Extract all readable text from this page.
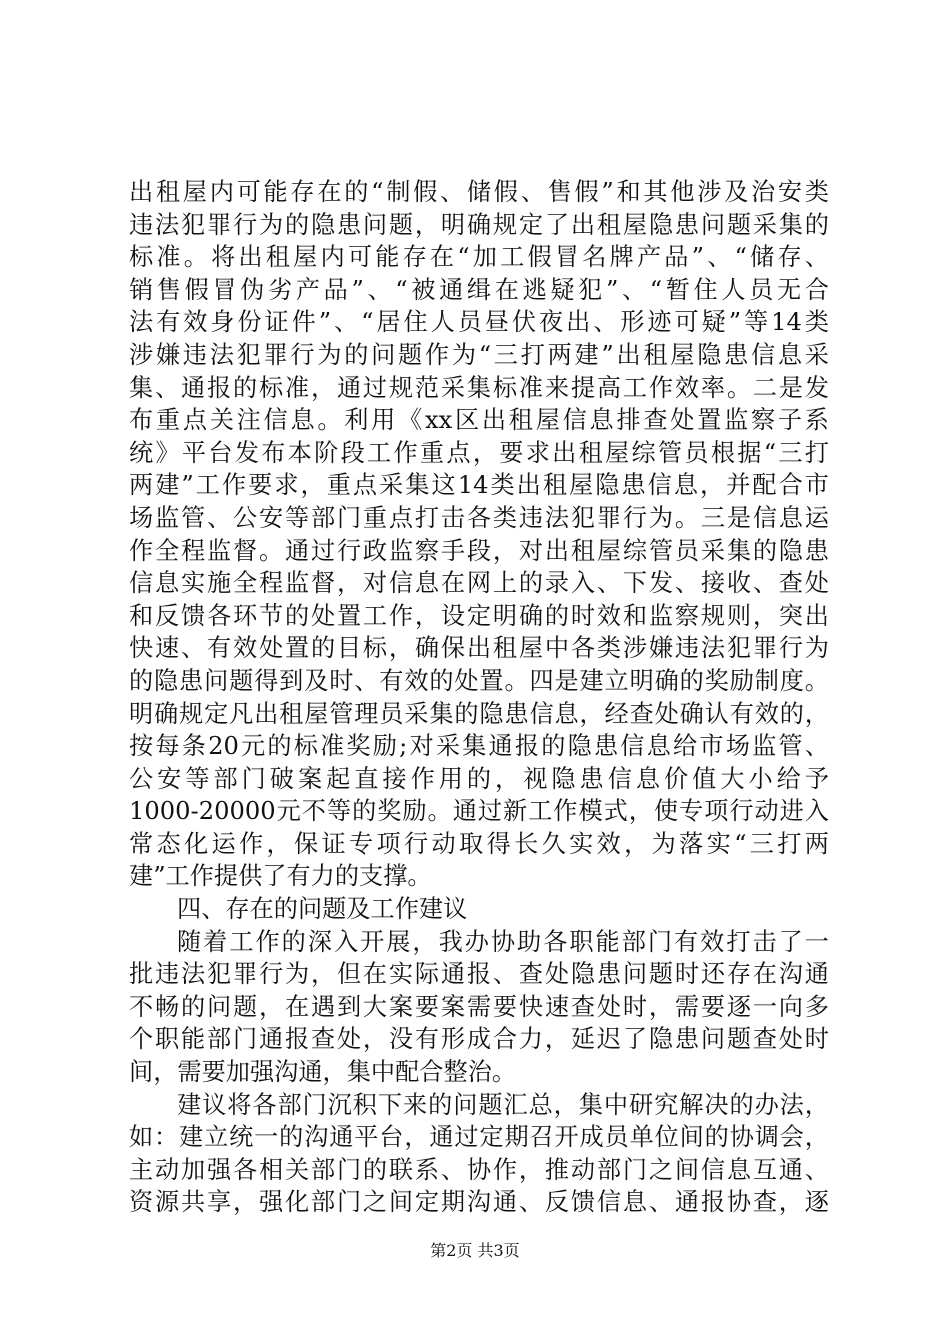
出租屋内可能存在的“制假、储假、售假”和其他涉及治安类
违法犯罪行为的隐患问题，明确规定了出租屋隐患问题采集的
标准。将出租屋内可能存在“加工假冒名牌产品”、“储存、
销售假冒伪劣产品”、“被通缉在逃疑犯”、“暂住人员无合
法有效身份证件”、“居住人员昼伏夜出、形迹可疑”等14类
涉嫌违法犯罪行为的问题作为“三打两建”出租屋隐患信息采
集、通报的标准，通过规范采集标准来提高工作效率。二是发
布重点关注信息。利用《xx区出租屋信息排查处置监察子系
统》平台发布本阶段工作重点，要求出租屋综管员根据“三打
两建”工作要求，重点采集这14类出租屋隐患信息，并配合市
场监管、公安等部门重点打击各类违法犯罪行为。三是信息运
作全程监督。通过行政监察手段，对出租屋综管员采集的隐患
信息实施全程监督，对信息在网上的录入、下发、接收、查处
和反馈各环节的处置工作，设定明确的时效和监察规则，突出
快速、有效处置的目标，确保出租屋中各类涉嫌违法犯罪行为
的隐患问题得到及时、有效的处置。四是建立明确的奖励制度。
明确规定凡出租屋管理员采集的隐患信息，经查处确认有效的，
按每条20元的标准奖励;对采集通报的隐患信息给市场监管、
公安等部门破案起直接作用的，视隐患信息价值大小给予
1000-20000元不等的奖励。通过新工作模式，使专项行动进入
常态化运作，保证专项行动取得长久实效，为落实“三打两
建”工作提供了有力的支撑。
四、存在的问题及工作建议
随着工作的深入开展，我办协助各职能部门有效打击了一
批违法犯罪行为，但在实际通报、查处隐患问题时还存在沟通
不畅的问题，在遇到大案要案需要快速查处时，需要逐一向多
个职能部门通报查处，没有形成合力，延迟了隐患问题查处时
间，需要加强沟通，集中配合整治。
建议将各部门沉积下来的问题汇总，集中研究解决的办法，
如：建立统一的沟通平台，通过定期召开成员单位间的协调会，
主动加强各相关部门的联系、协作，推动部门之间信息互通、
资源共享，强化部门之间定期沟通、反馈信息、通报协查，逐
第2页 共3页
